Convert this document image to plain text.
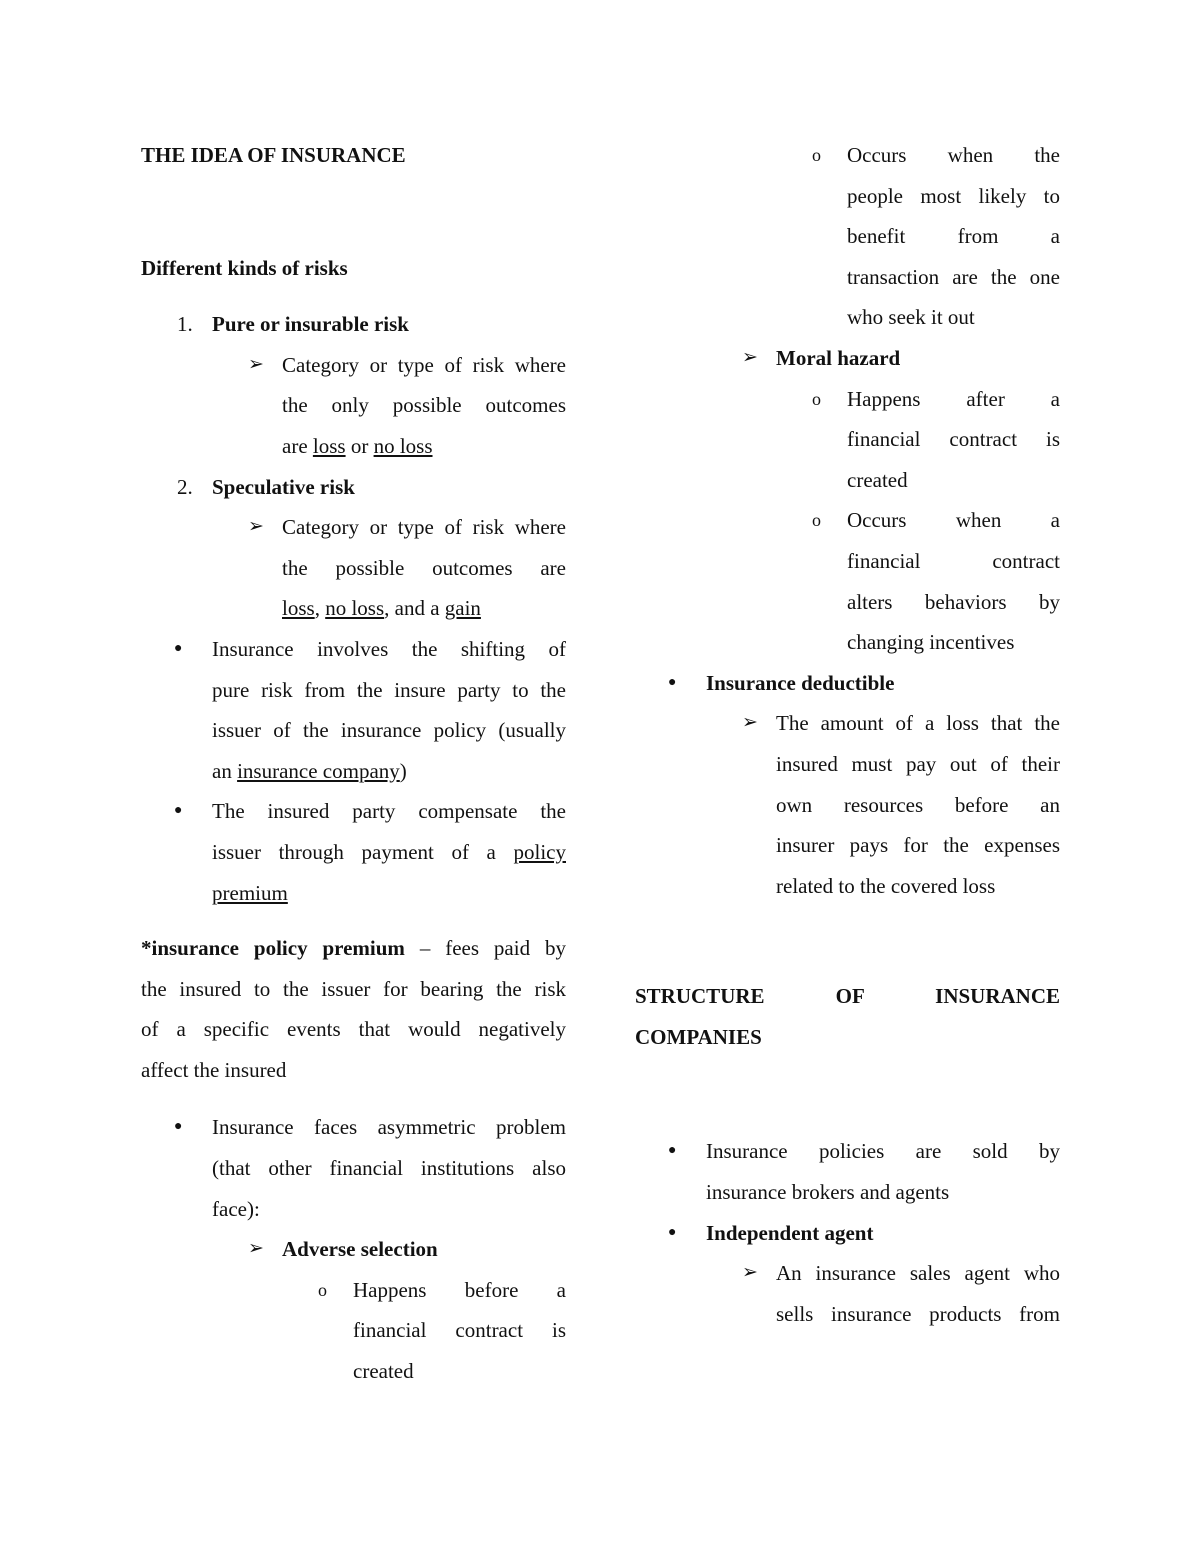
THE IDEA OF INSURANCE

Different kinds of risks

1. Pure or insurable risk
➢ Category or type of risk where
the only possible outcomes
are loss or no loss
2. Speculative risk
➢ Category or type of risk where
the possible outcomes are
loss, no loss, and a gain
● Insurance involves the shifting of
pure risk from the insure party to the
issuer of the insurance policy (usually
an insurance company)
● The insured party compensate the
issuer through payment of a policy
premium
*insurance policy premium – fees paid by
the insured to the issuer for bearing the risk
of a specific events that would negatively
affect the insured
● Insurance faces asymmetric problem
(that other financial institutions also
face):
➢ Adverse selection
o Happens before a
financial contract is
created
o Occurs when the
people most likely to
benefit from a
transaction are the one
who seek it out
➢ Moral hazard
o Happens after a
financial contract is
created
o Occurs when a
financial contract
alters behaviors by
changing incentives
● Insurance deductible
➢ The amount of a loss that the
insured must pay out of their
own resources before an
insurer pays for the expenses
related to the covered loss
STRUCTURE OF INSURANCE
COMPANIES
● Insurance policies are sold by
insurance brokers and agents
● Independent agent
➢ An insurance sales agent who
sells insurance products from
